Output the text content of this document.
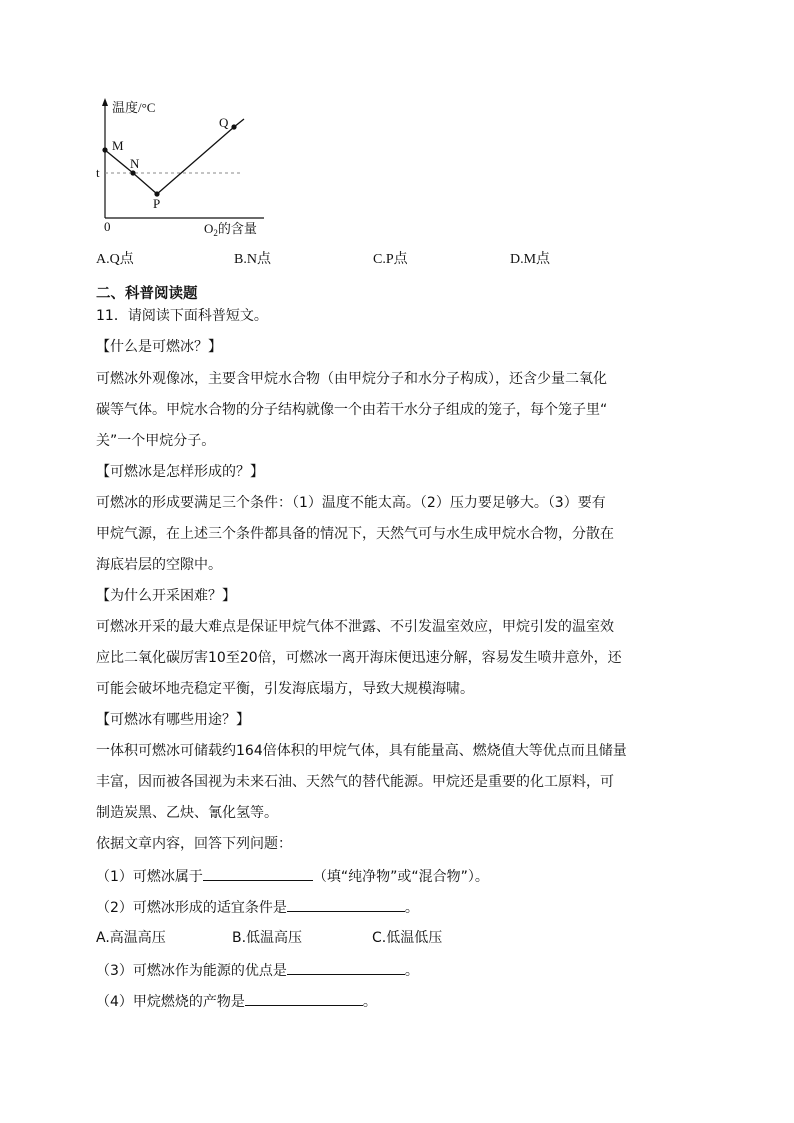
温度/°C
M
N
P
Q
t
0	$O_2$的含量
A.Q点	B.N点	C.P点	D.M点
二、科普阅读题
11．请阅读下面科普短文。
【什么是可燃冰？】
可燃冰外观像冰，主要含甲烷水合物（由甲烷分子和水分子构成），还含少量二氧化
碳等气体。甲烷水合物的分子结构就像一个由若干水分子组成的笼子，每个笼子里“
关”一个甲烷分子。
【可燃冰是怎样形成的？】
可燃冰的形成要满足三个条件：（1）温度不能太高。（2）压力要足够大。（3）要有
甲烷气源，在上述三个条件都具备的情况下，天然气可与水生成甲烷水合物，分散在
海底岩层的空隙中。
【为什么开采困难？】
可燃冰开采的最大难点是保证甲烷气体不泄露、不引发温室效应，甲烷引发的温室效
应比二氧化碳厉害10至20倍，可燃冰一离开海床便迅速分解，容易发生喷井意外，还
可能会破坏地壳稳定平衡，引发海底塌方，导致大规模海啸。
【可燃冰有哪些用途？】
一体积可燃冰可储载约164倍体积的甲烷气体，具有能量高、燃烧值大等优点而且储量
丰富，因而被各国视为未来石油、天然气的替代能源。甲烷还是重要的化工原料，可
制造炭黑、乙炔、氰化氢等。
依据文章内容，回答下列问题：
（1）可燃冰属于	（填“纯净物”或“混合物”）。
（2）可燃冰形成的适宜条件是	。
A.高温高压	B.低温高压	C.低温低压
（3）可燃冰作为能源的优点是	。
（4）甲烷燃烧的产物是	。
